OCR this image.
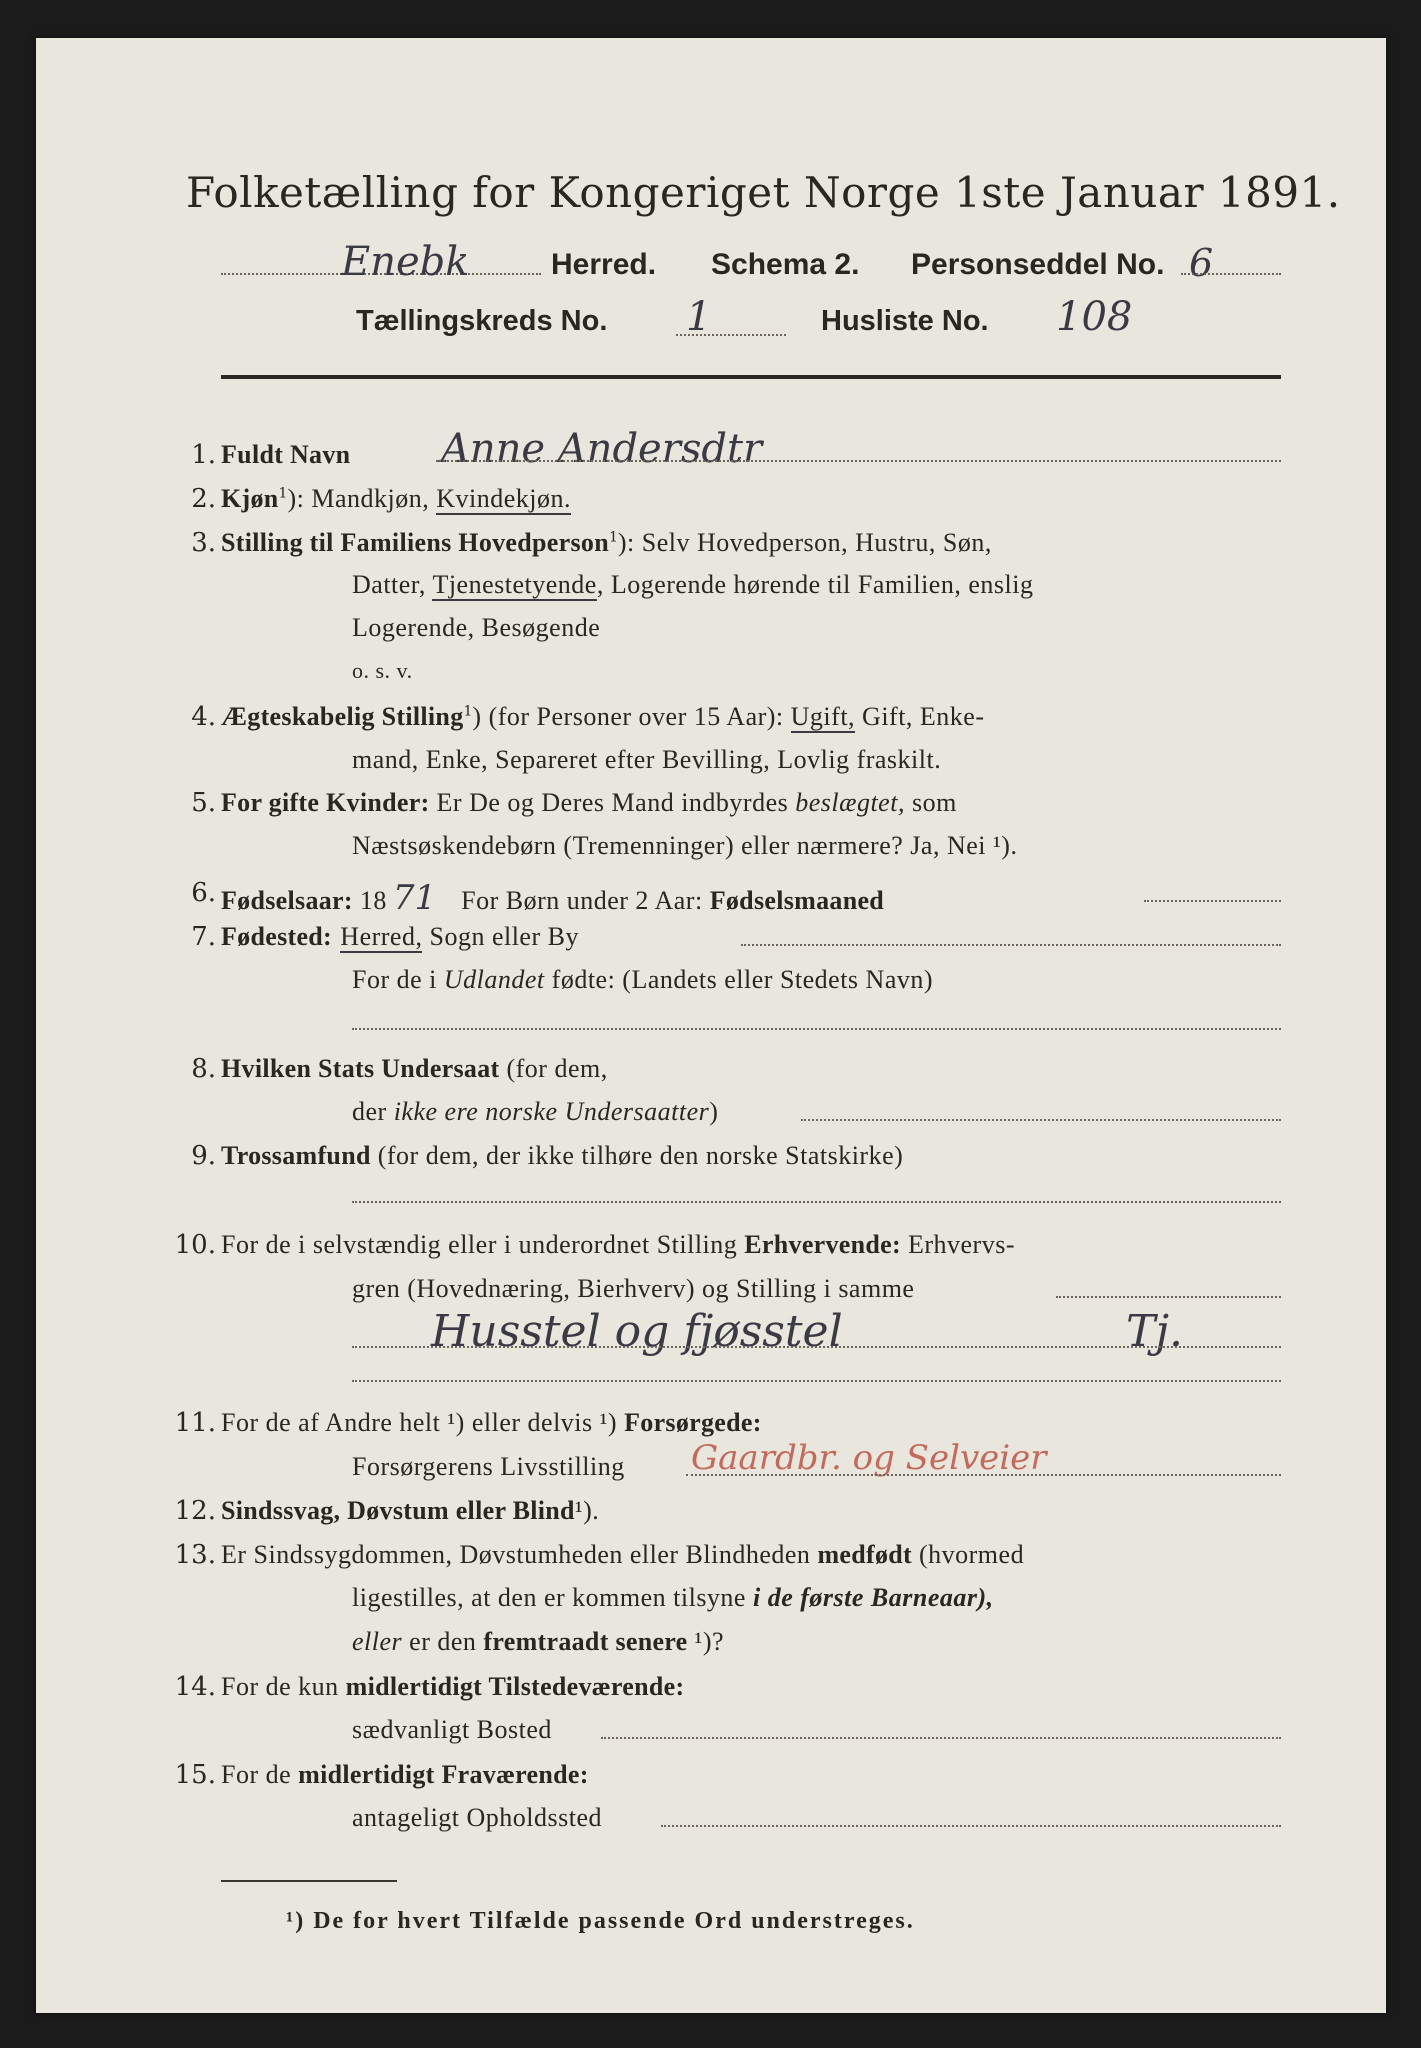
Folketælling for Kongeriget Norge 1ste Januar 1891.
Enebk	Herred. Schema 2. Personseddel No. 6
Tællingskreds No. 1	Husliste No. 108
1. Fuldt Navn Anne Andersdtr
2. Kjøn$^1$): Mandkjøn, Kvindekjøn.
3. Stilling til Familiens Hovedperson$^1$): Selv Hovedperson, Hustru, Søn,
Datter, Tjenestetyende, Logerende hørende til Familien, enslig
Logerende, Besøgende
o. s. v.
4. Ægteskabelig Stilling$^1$) (for Personer over 15 Aar): Ugift, Gift, Enke-
mand, Enke, Separeret efter Bevilling, Lovlig fraskilt.
5. For gifte Kvinder: Er De og Deres Mand indbyrdes beslægtet, som
Næstsøskendebørn (Tremenninger) eller nærmere? Ja, Nei ¹).
6. Fødselsaar: 18 71 For Børn under 2 Aar: Fødselsmaaned
7. Fødested: Herred, Sogn eller By
For de i Udlandet fødte: (Landets eller Stedets Navn)
8. Hvilken Stats Undersaat (for dem,
der ikke ere norske Undersaatter)
9. Trossamfund (for dem, der ikke tilhøre den norske Statskirke)
10. For de i selvstændig eller i underordnet Stilling Erhvervende: Erhvervs-
gren (Hovednæring, Bierhverv) og Stilling i samme
Husstel og fjøsstel	Tj.
11. For de af Andre helt ¹) eller delvis ¹) Forsørgede:
Forsørgerens Livsstilling Gaardbr. og Selveier
12. Sindssvag, Døvstum eller Blind¹).
13. Er Sindssygdommen, Døvstumheden eller Blindheden medfødt (hvormed
ligestilles, at den er kommen tilsyne i de første Barneaar),
eller er den fremtraadt senere ¹)?
14. For de kun midlertidigt Tilstedeværende:
sædvanligt Bosted
15. For de midlertidigt Fraværende:
antageligt Opholdssted
¹) De for hvert Tilfælde passende Ord understreges.
